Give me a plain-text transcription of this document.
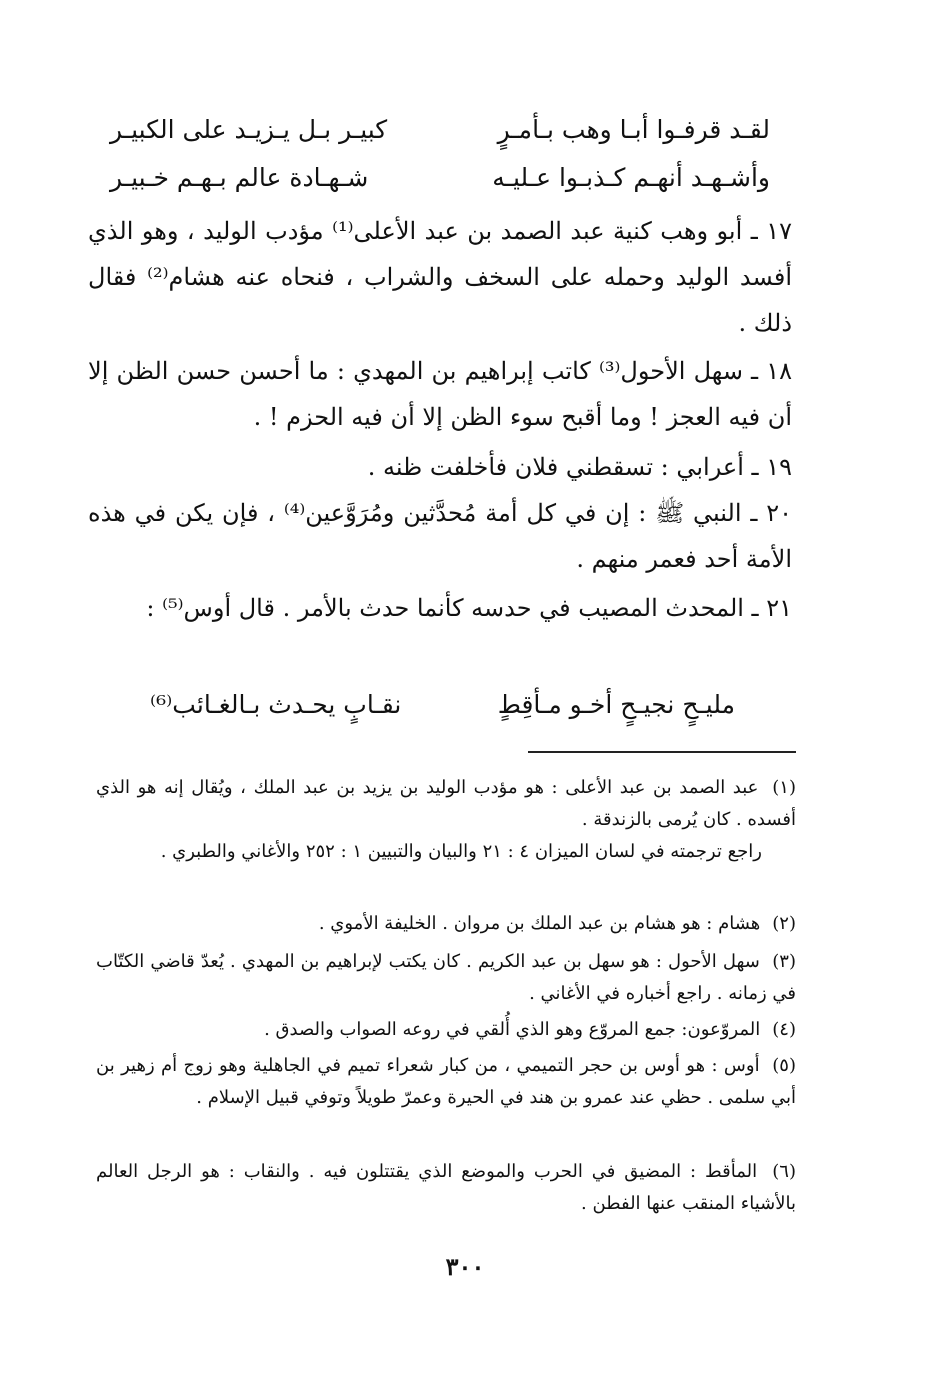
لقـد قرفـوا أبـا وهب بـأمـرٍ
كبيـر بـل يـزيـد على الكبيـر
وأشـهـد أنهـم كـذبـوا عـليـه
شـهـادة عالم بـهـم خـبيـر
١٧ ـ أبو وهب كنية عبد الصمد بن عبد الأعلى⁽¹⁾ مؤدب الوليد ، وهو الذي أفسد الوليد وحمله على السخف والشراب ، فنحاه عنه هشام⁽²⁾ فقال ذلك .
١٨ ـ سهل الأحول⁽³⁾ كاتب إبراهيم بن المهدي : ما أحسن حسن الظن إلا أن فيه العجز ! وما أقبح سوء الظن إلا أن فيه الحزم ! .
١٩ ـ أعرابي : تسقطني فلان فأخلفت ظنه .
٢٠ ـ النبي ﷺ : إن في كل أمة مُحدَّثين ومُرَوَّعين⁽⁴⁾ ، فإن يكن في هذه الأمة أحد فعمر منهم .
٢١ ـ المحدث المصيب في حدسه كأنما حدث بالأمر . قال أوس⁽⁵⁾ :
مليـحٍ نجيـحٍ أخـو مـأقِطٍ
نقـابٍ يحـدث بـالغـائب⁽⁶⁾
(١) عبد الصمد بن عبد الأعلى : هو مؤدب الوليد بن يزيد بن عبد الملك ، ويُقال إنه هو الذي أفسده . كان يُرمى بالزندقة .
راجع ترجمته في لسان الميزان ٤ : ٢١ والبيان والتبيين ١ : ٢٥٢ والأغاني والطبري .
(٢) هشام : هو هشام بن عبد الملك بن مروان . الخليفة الأموي .
(٣) سهل الأحول : هو سهل بن عبد الكريم . كان يكتب لإبراهيم بن المهدي . يُعدّ قاضي الكتّاب في زمانه . راجع أخباره في الأغاني .
(٤) المروّعون: جمع المروّع وهو الذي أُلقي في روعه الصواب والصدق .
(٥) أوس : هو أوس بن حجر التميمي ، من كبار شعراء تميم في الجاهلية وهو زوج أم زهير بن أبي سلمى . حظي عند عمرو بن هند في الحيرة وعمرّ طويلاً وتوفي قبيل الإسلام .
(٦) المأقط : المضيق في الحرب والموضع الذي يقتتلون فيه . والنقاب : هو الرجل العالم بالأشياء المنقب عنها الفطن .
٣٠٠
